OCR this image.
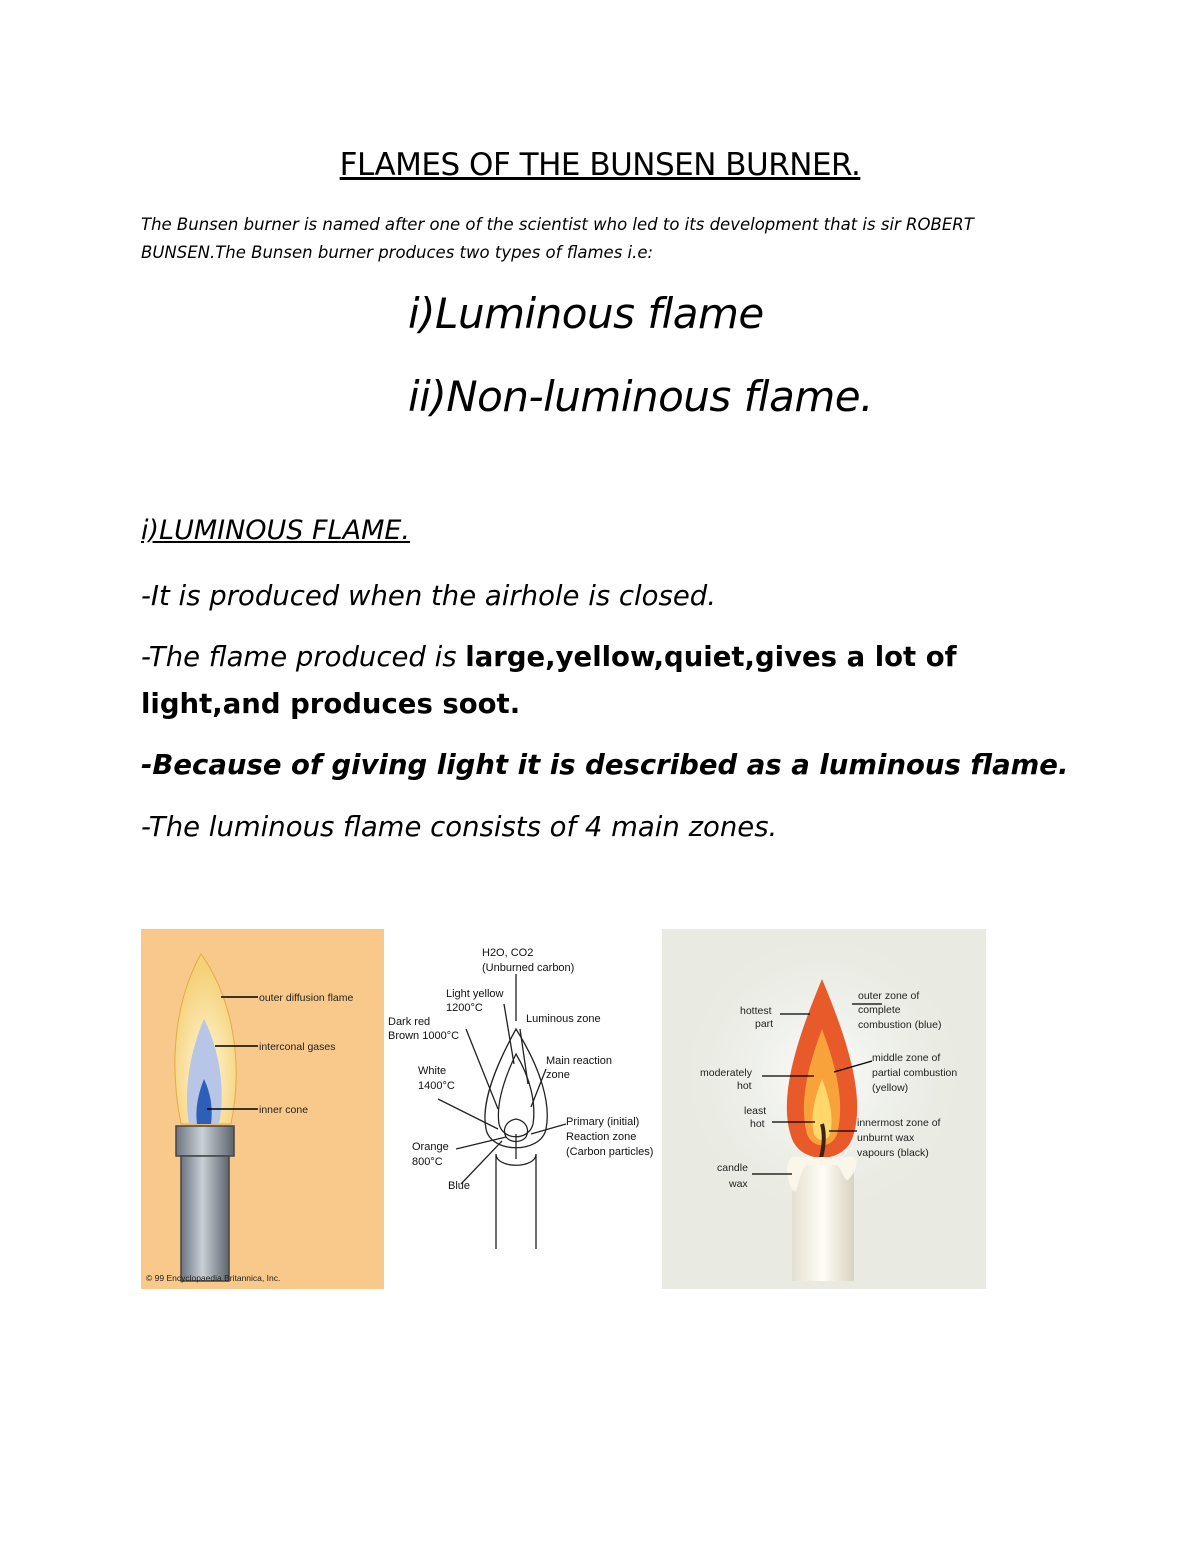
FLAMES OF THE BUNSEN BURNER.
The Bunsen burner is named after one of the scientist who led to its development that is sir ROBERT BUNSEN.The Bunsen burner produces two types of flames i.e:
i)Luminous flame
ii)Non-luminous flame.
i)LUMINOUS FLAME.
-It is produced when the airhole is closed.
-The flame produced is large,yellow,quiet,gives a lot of light,and produces soot.
-Because of giving light it is described as a luminous flame.
-The luminous flame consists of 4 main zones.
outer diffusion flame
interconal gases
inner cone
© 99 Encyclopaedia Britannica, Inc.
H2O, CO2
(Unburned carbon)
Light yellow
1200°C
Dark red
Brown 1000°C
Luminous zone
Main reaction
zone
White
1400°C
Primary (initial)
Reaction zone
(Carbon particles)
Orange
800°C
Blue
hottest
part
moderately
hot
least
hot
candle
wax
outer zone of
complete
combustion (blue)
middle zone of
partial combustion
(yellow)
innermost zone of
unburnt wax
vapours (black)
